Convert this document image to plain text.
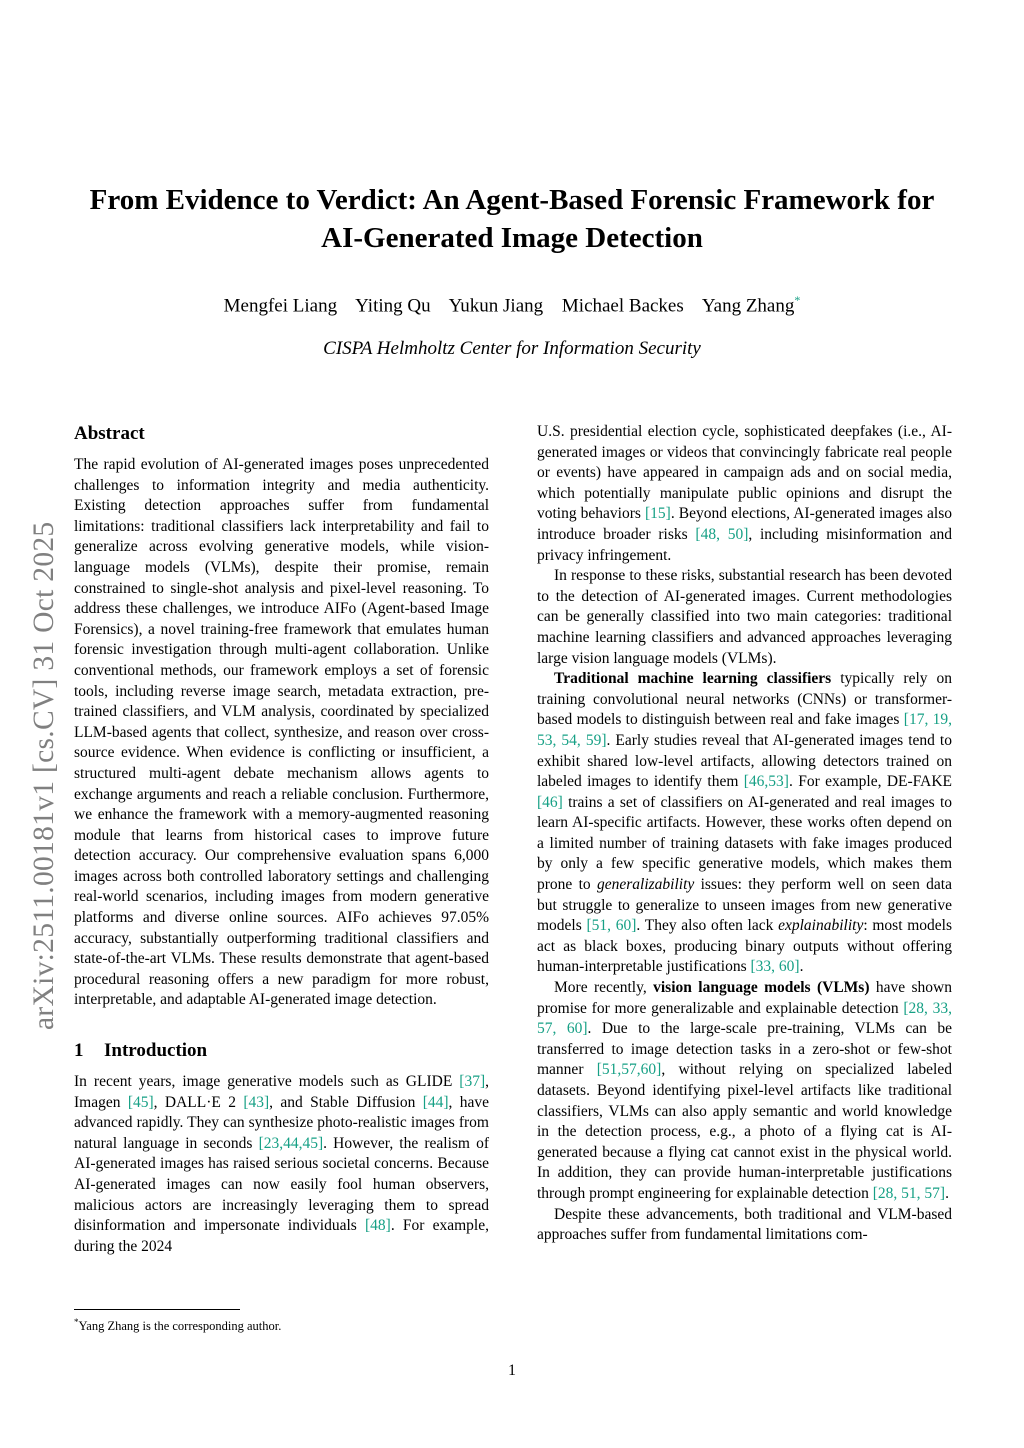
arXiv:2511.00181v1 [cs.CV] 31 Oct 2025
From Evidence to Verdict: An Agent-Based Forensic Framework for
AI-Generated Image Detection
Mengfei Liang Yiting Qu Yukun Jiang Michael Backes Yang Zhang*
CISPA Helmholtz Center for Information Security
Abstract

The rapid evolution of AI-generated images poses unprecedented challenges to information integrity and media authenticity. Existing detection approaches suffer from fundamental limitations: traditional classifiers lack interpretability and fail to generalize across evolving generative models, while vision-language models (VLMs), despite their promise, remain constrained to single-shot analysis and pixel-level reasoning. To address these challenges, we introduce AIFo (Agent-based Image Forensics), a novel training-free framework that emulates human forensic investigation through multi-agent collaboration. Unlike conventional methods, our framework employs a set of forensic tools, including reverse image search, metadata extraction, pre-trained classifiers, and VLM analysis, coordinated by specialized LLM-based agents that collect, synthesize, and reason over cross-source evidence. When evidence is conflicting or insufficient, a structured multi-agent debate mechanism allows agents to exchange arguments and reach a reliable conclusion. Furthermore, we enhance the framework with a memory-augmented reasoning module that learns from historical cases to improve future detection accuracy. Our comprehensive evaluation spans 6,000 images across both controlled laboratory settings and challenging real-world scenarios, including images from modern generative platforms and diverse online sources. AIFo achieves 97.05% accuracy, substantially outperforming traditional classifiers and state-of-the-art VLMs. These results demonstrate that agent-based procedural reasoning offers a new paradigm for more robust, interpretable, and adaptable AI-generated image detection.

1 Introduction

In recent years, image generative models such as GLIDE [37], Imagen [45], DALL·E 2 [43], and Stable Diffusion [44], have advanced rapidly. They can synthesize photo-realistic images from natural language in seconds [23,44,45]. However, the realism of AI-generated images has raised serious societal concerns. Because AI-generated images can now easily fool human observers, malicious actors are increasingly leveraging them to spread disinformation and impersonate individuals [48]. For example, during the 2024

U.S. presidential election cycle, sophisticated deepfakes (i.e., AI-generated images or videos that convincingly fabricate real people or events) have appeared in campaign ads and on social media, which potentially manipulate public opinions and disrupt the voting behaviors [15]. Beyond elections, AI-generated images also introduce broader risks [48, 50], including misinformation and privacy infringement.

In response to these risks, substantial research has been devoted to the detection of AI-generated images. Current methodologies can be generally classified into two main categories: traditional machine learning classifiers and advanced approaches leveraging large vision language models (VLMs).

Traditional machine learning classifiers typically rely on training convolutional neural networks (CNNs) or transformer-based models to distinguish between real and fake images [17, 19, 53, 54, 59]. Early studies reveal that AI-generated images tend to exhibit shared low-level artifacts, allowing detectors trained on labeled images to identify them [46,53]. For example, DE-FAKE [46] trains a set of classifiers on AI-generated and real images to learn AI-specific artifacts. However, these works often depend on a limited number of training datasets with fake images produced by only a few specific generative models, which makes them prone to generalizability issues: they perform well on seen data but struggle to generalize to unseen images from new generative models [51, 60]. They also often lack explainability: most models act as black boxes, producing binary outputs without offering human-interpretable justifications [33, 60].

More recently, vision language models (VLMs) have shown promise for more generalizable and explainable detection [28, 33, 57, 60]. Due to the large-scale pre-training, VLMs can be transferred to image detection tasks in a zero-shot or few-shot manner [51,57,60], without relying on specialized labeled datasets. Beyond identifying pixel-level artifacts like traditional classifiers, VLMs can also apply semantic and world knowledge in the detection process, e.g., a photo of a flying cat is AI-generated because a flying cat cannot exist in the physical world. In addition, they can provide human-interpretable justifications through prompt engineering for explainable detection [28, 51, 57].

Despite these advancements, both traditional and VLM-based approaches suffer from fundamental limitations com-

*Yang Zhang is the corresponding author.
1
